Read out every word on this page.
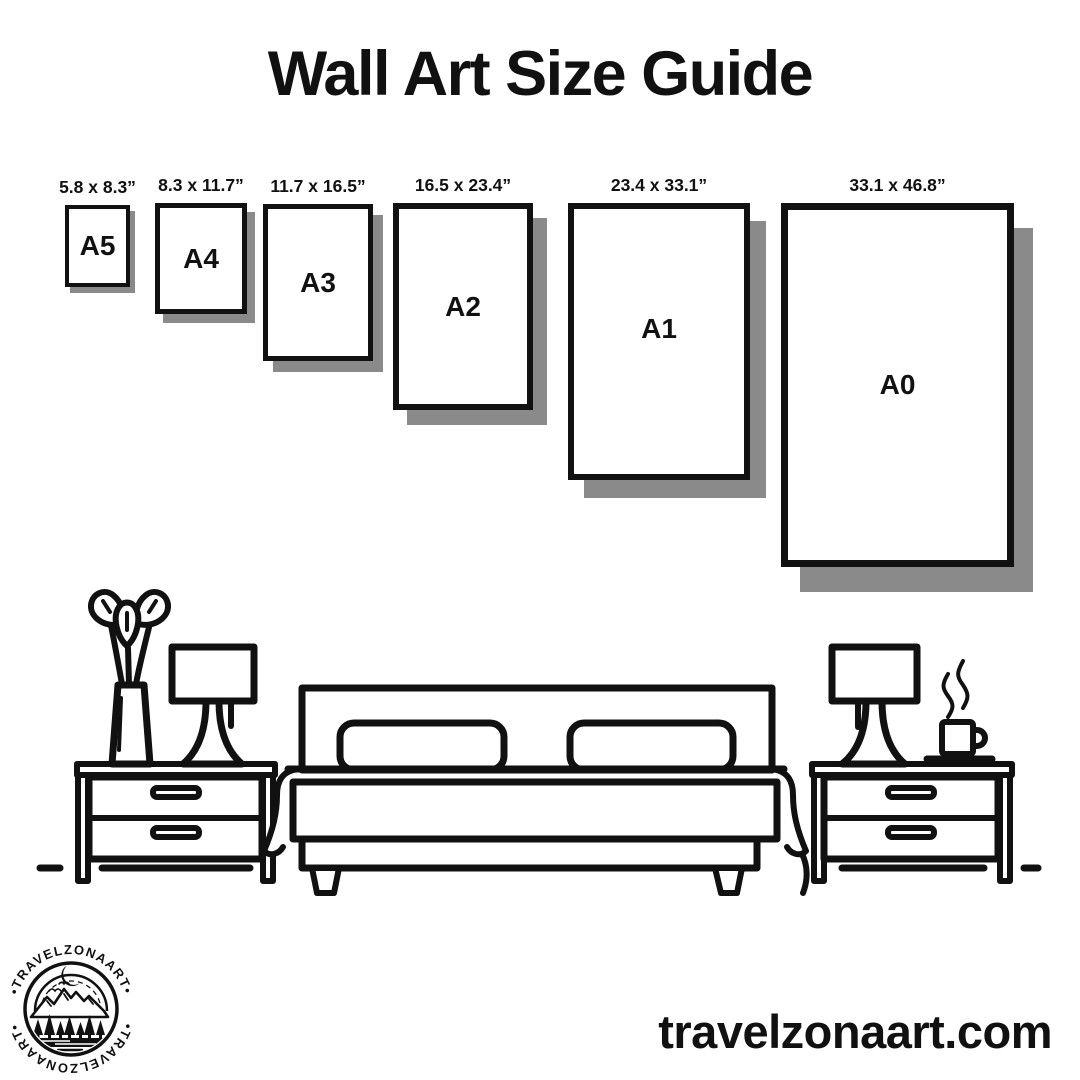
Wall Art Size Guide
5.8 x 8.3”
A5
8.3 x 11.7”
A4
11.7 x 16.5”
A3
16.5 x 23.4”
A2
23.4 x 33.1”
A1
33.1 x 46.8”
A0
•TRAVELZONAART•
•TRAVELZONAART•	travelzonaart.com
